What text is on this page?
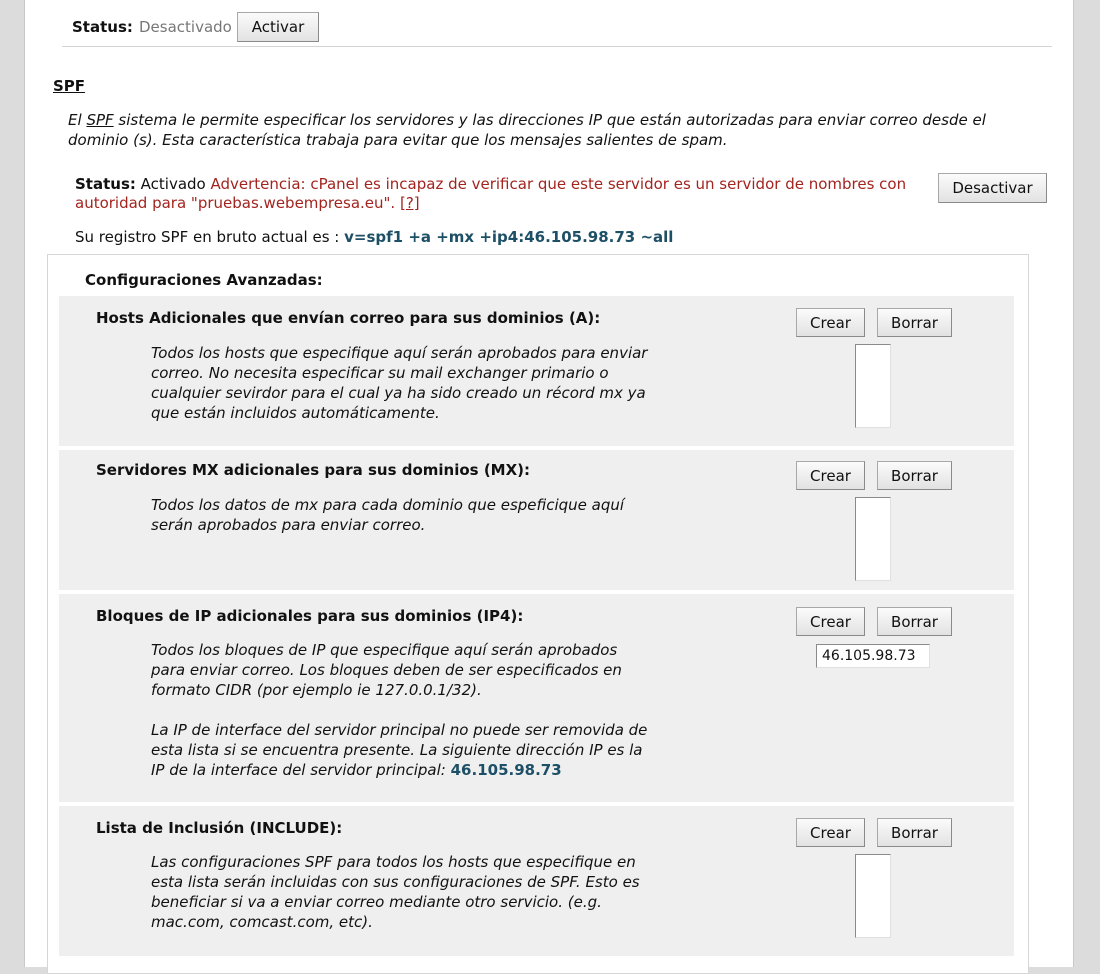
Status: Desactivado	Activar
SPF
El SPF sistema le permite especificar los servidores y las direcciones IP que están autorizadas para enviar correo desde el
dominio (s). Esta característica trabaja para evitar que los mensajes salientes de spam.
Status: Activado Advertencia: cPanel es incapaz de verificar que este servidor es un servidor de nombres con
autoridad para "pruebas.webempresa.eu". [?]
Desactivar
Su registro SPF en bruto actual es : v=spf1 +a +mx +ip4:46.105.98.73 ~all
Configuraciones Avanzadas:
Hosts Adicionales que envían correo para sus dominios (A):
Todos los hosts que especifique aquí serán aprobados para enviar correo. No necesita especificar su mail exchanger primario o cualquier sevirdor para el cual ya ha sido creado un récord mx ya que están incluidos automáticamente.
Crear	Borrar
Servidores MX adicionales para sus dominios (MX):
Todos los datos de mx para cada dominio que espeficique aquí serán aprobados para enviar correo.
Crear	Borrar
Bloques de IP adicionales para sus dominios (IP4):
Todos los bloques de IP que especifique aquí serán aprobados para enviar correo. Los bloques deben de ser especificados en formato CIDR (por ejemplo ie 127.0.0.1/32).
La IP de interface del servidor principal no puede ser removida de esta lista si se encuentra presente. La siguiente dirección IP es la IP de la interface del servidor principal: 46.105.98.73
Crear	Borrar
46.105.98.73
Lista de Inclusión (INCLUDE):
Las configuraciones SPF para todos los hosts que especifique en esta lista serán incluidas con sus configuraciones de SPF. Esto es beneficiar si va a enviar correo mediante otro servicio. (e.g. mac.com, comcast.com, etc).
Crear	Borrar
